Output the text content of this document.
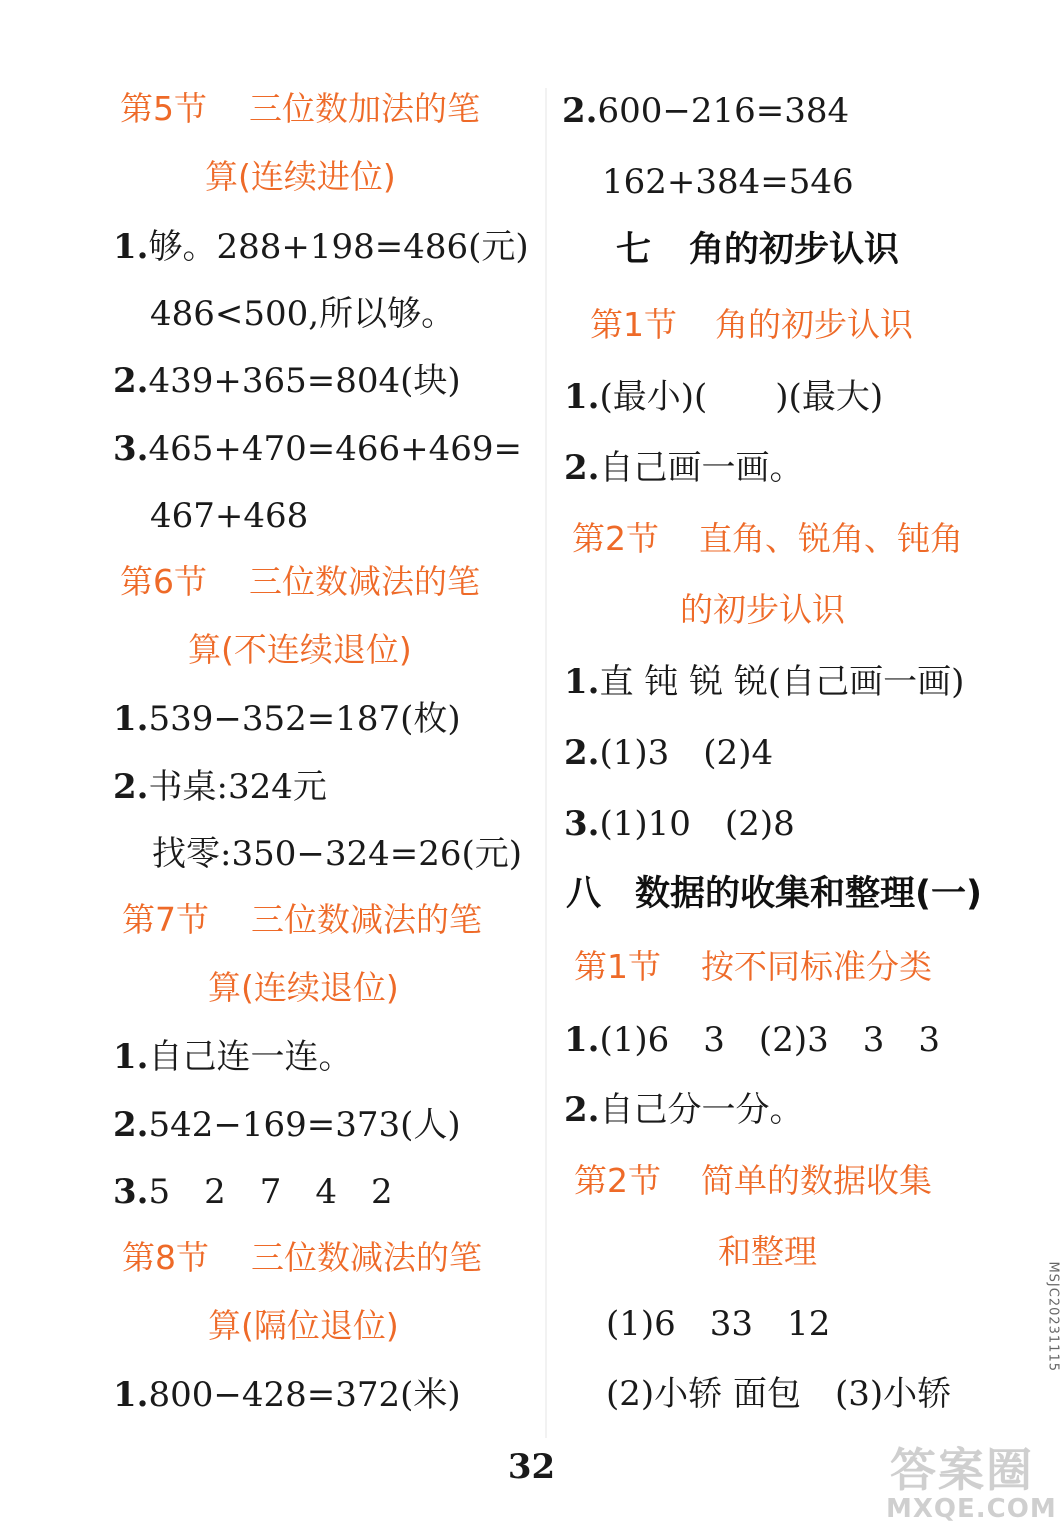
第5节 三位数加法的笔
算(连续进位)
1.够。288+198=486(元)
486<500,所以够。
2.439+365=804(块)
3.465+470=466+469=
467+468
第6节 三位数减法的笔
算(不连续退位)
1.539−352=187(枚)
2.书桌:324元
找零:350−324=26(元)
第7节 三位数减法的笔
算(连续退位)
1.自己连一连。
2.542−169=373(人)
3.5　2　7　4　2
第8节 三位数减法的笔
算(隔位退位)
1.800−428=372(米)
2.600−216=384
162+384=546
七 角的初步认识
第1节 角的初步认识
1.(最小)(　　)(最大)
2.自己画一画。
第2节 直角、锐角、钝角
的初步认识
1.直 钝 锐 锐(自己画一画)
2.(1)3　(2)4
3.(1)10　(2)8
八 数据的收集和整理(一)
第1节 按不同标准分类
1.(1)6　3　(2)3　3　3
2.自己分一分。
第2节 简单的数据收集
和整理
(1)6　33　12
(2)小轿 面包　(3)小轿
32
MSJC20231115
答案圈
MXQE.COM
